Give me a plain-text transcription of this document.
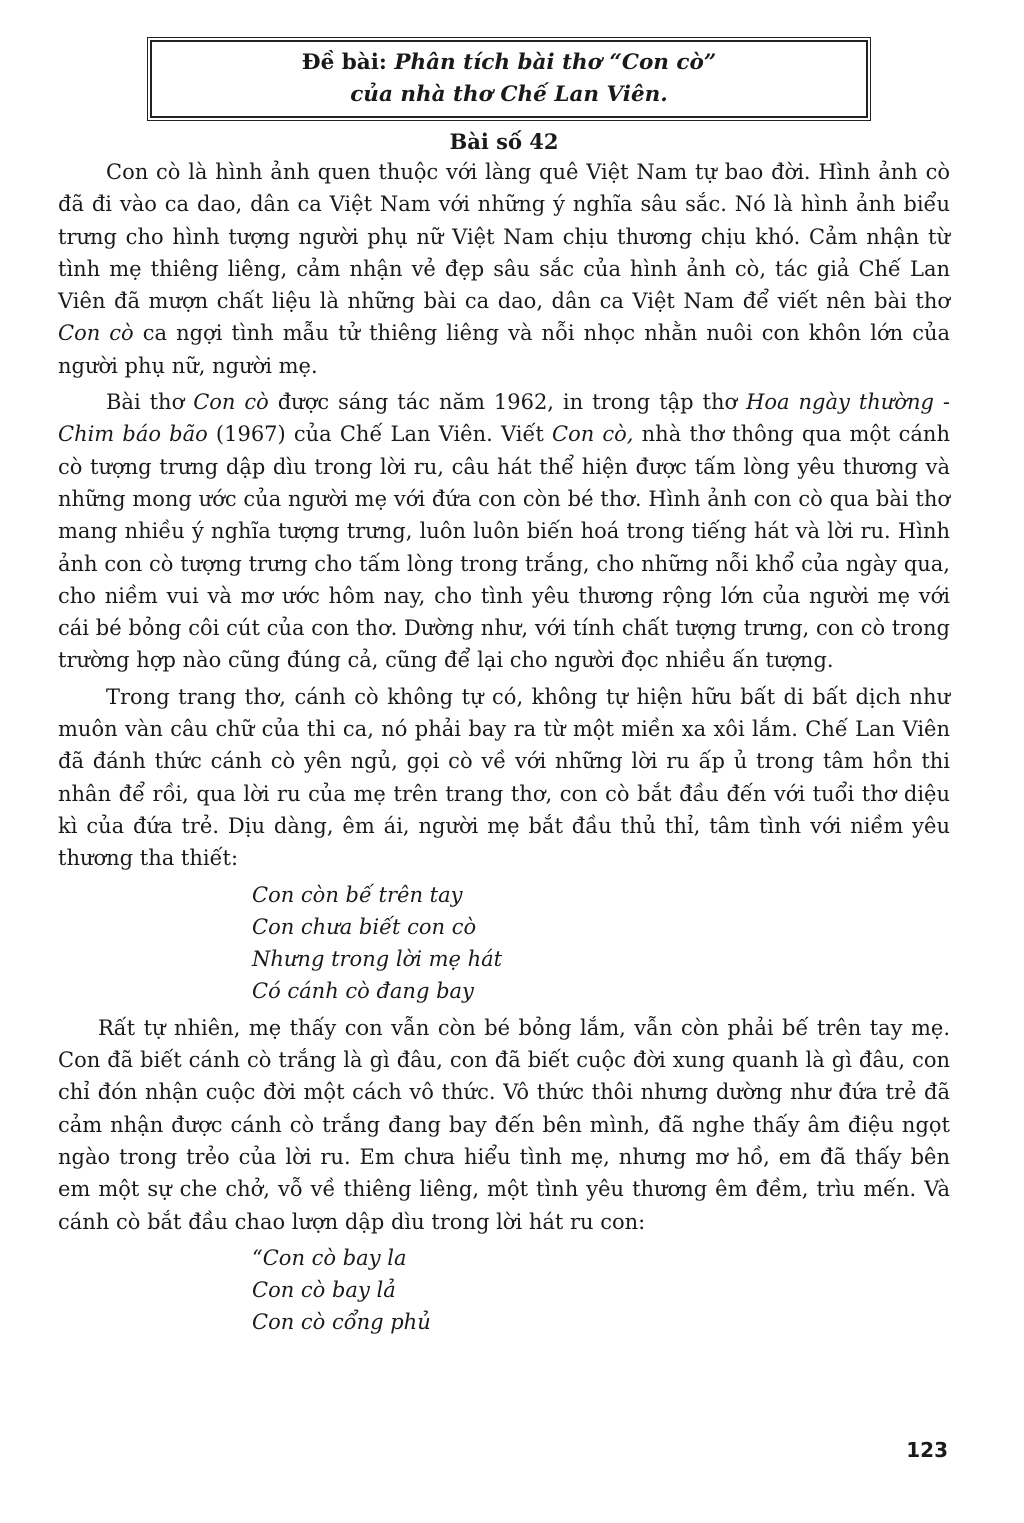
Đề bài: Phân tích bài thơ “Con cò”
của nhà thơ Chế Lan Viên.
Bài số 42

Con cò là hình ảnh quen thuộc với làng quê Việt Nam tự bao đời. Hình ảnh cò đã đi vào ca dao, dân ca Việt Nam với những ý nghĩa sâu sắc. Nó là hình ảnh biểu trưng cho hình tượng người phụ nữ Việt Nam chịu thương chịu khó. Cảm nhận từ tình mẹ thiêng liêng, cảm nhận vẻ đẹp sâu sắc của hình ảnh cò, tác giả Chế Lan Viên đã mượn chất liệu là những bài ca dao, dân ca Việt Nam để viết nên bài thơ Con cò ca ngợi tình mẫu tử thiêng liêng và nỗi nhọc nhằn nuôi con khôn lớn của người phụ nữ, người mẹ.

Bài thơ Con cò được sáng tác năm 1962, in trong tập thơ Hoa ngày thường - Chim báo bão (1967) của Chế Lan Viên. Viết Con cò, nhà thơ thông qua một cánh cò tượng trưng dập dìu trong lời ru, câu hát thể hiện được tấm lòng yêu thương và những mong ước của người mẹ với đứa con còn bé thơ. Hình ảnh con cò qua bài thơ mang nhiều ý nghĩa tượng trưng, luôn luôn biến hoá trong tiếng hát và lời ru. Hình ảnh con cò tượng trưng cho tấm lòng trong trắng, cho những nỗi khổ của ngày qua, cho niềm vui và mơ ước hôm nay, cho tình yêu thương rộng lớn của người mẹ với cái bé bỏng côi cút của con thơ. Dường như, với tính chất tượng trưng, con cò trong trường hợp nào cũng đúng cả, cũng để lại cho người đọc nhiều ấn tượng.

Trong trang thơ, cánh cò không tự có, không tự hiện hữu bất di bất dịch như muôn vàn câu chữ của thi ca, nó phải bay ra từ một miền xa xôi lắm. Chế Lan Viên đã đánh thức cánh cò yên ngủ, gọi cò về với những lời ru ấp ủ trong tâm hồn thi nhân để rồi, qua lời ru của mẹ trên trang thơ, con cò bắt đầu đến với tuổi thơ diệu kì của đứa trẻ. Dịu dàng, êm ái, người mẹ bắt đầu thủ thỉ, tâm tình với niềm yêu thương tha thiết:

Con còn bế trên tay
Con chưa biết con cò
Nhưng trong lời mẹ hát
Có cánh cò đang bay

Rất tự nhiên, mẹ thấy con vẫn còn bé bỏng lắm, vẫn còn phải bế trên tay mẹ. Con đã biết cánh cò trắng là gì đâu, con đã biết cuộc đời xung quanh là gì đâu, con chỉ đón nhận cuộc đời một cách vô thức. Vô thức thôi nhưng dường như đứa trẻ đã cảm nhận được cánh cò trắng đang bay đến bên mình, đã nghe thấy âm điệu ngọt ngào trong trẻo của lời ru. Em chưa hiểu tình mẹ, nhưng mơ hồ, em đã thấy bên em một sự che chở, vỗ về thiêng liêng, một tình yêu thương êm đềm, trìu mến. Và cánh cò bắt đầu chao lượn dập dìu trong lời hát ru con:

“Con cò bay la
Con cò bay lả
Con cò cổng phủ
123
